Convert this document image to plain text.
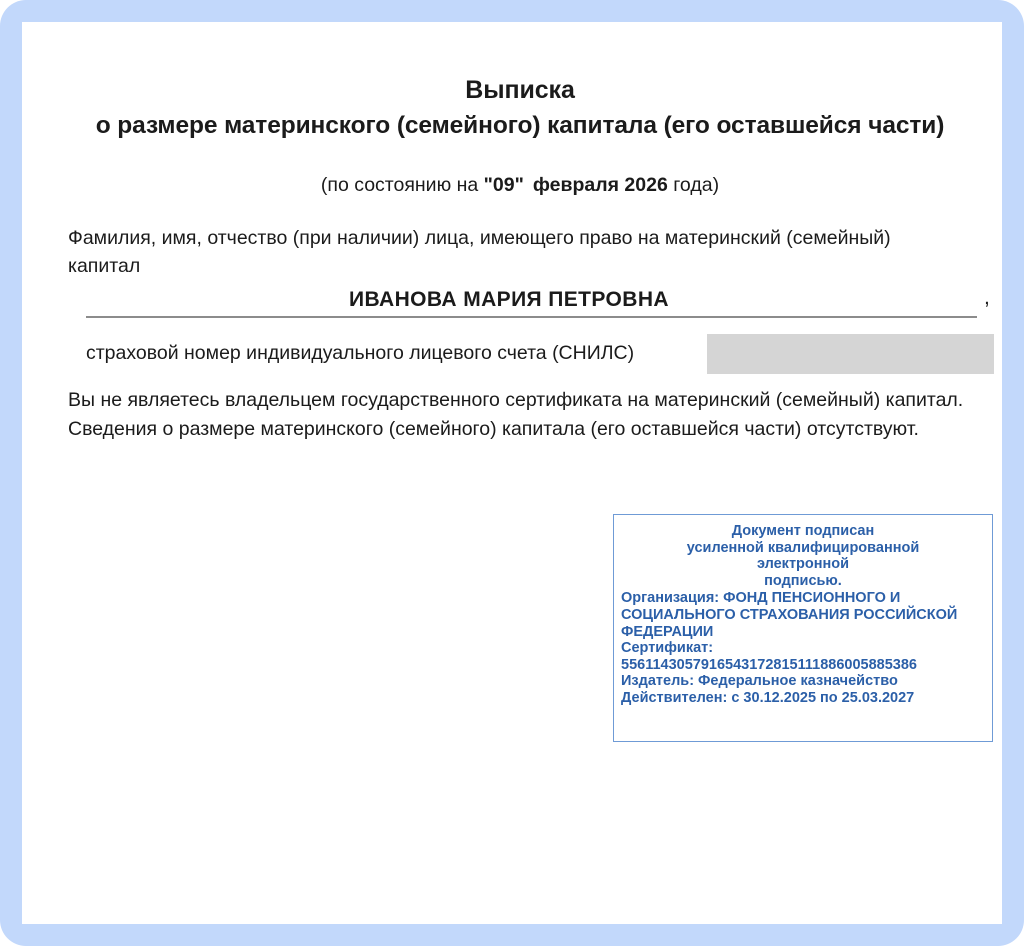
Выписка
о размере материнского (семейного) капитала (его оставшейся части)
(по состоянию на "09" февраля 2026 года)
Фамилия, имя, отчество (при наличии) лица, имеющего право на материнский (семейный) капитал
ИВАНОВА МАРИЯ ПЕТРОВНА	,
страховой номер индивидуального лицевого счета (СНИЛС)
Вы не являетесь владельцем государственного сертификата на материнский (семейный) капитал. Сведения о размере материнского (семейного) капитала (его оставшейся части) отсутствуют.
Документ подписан
усиленной квалифицированной
электронной
подписью.
Организация: ФОНД ПЕНСИОННОГО И СОЦИАЛЬНОГО СТРАХОВАНИЯ РОССИЙСКОЙ ФЕДЕРАЦИИ
Сертификат:
5561143057916543172815111886005885386
Издатель: Федеральное казначейство
Действителен: с 30.12.2025 по 25.03.2027
